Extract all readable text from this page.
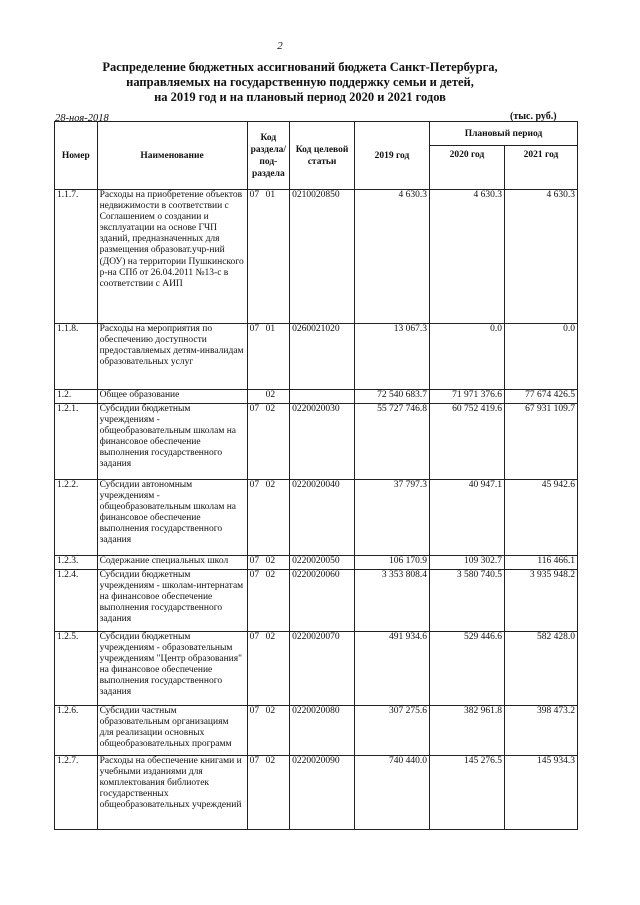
2
Распределение бюджетных ассигнований бюджета Санкт-Петербурга,
направляемых на государственную поддержку семьи и детей,
на 2019 год и на плановый период 2020 и 2021 годов
28-ноя-2018	(тыс. руб.)
Номер	Наименование	Код раздела/ под-раздела	Код целевой статьи	2019 год	Плановый период	
					2020 год	2021 год
1.1.7.	Расходы на приобретение объектов недвижимости в соответствии с Соглашением о создании и эксплуатации на основе ГЧП зданий, предназначенных для размещения образоват.учр-ний (ДОУ) на территории Пушкинского р-на СПб от 26.04.2011 №13-с в соответствии с АИП	07 01	0210020850	4 630.3	4 630.3	4 630.3
1.1.8.	Расходы на мероприятия по обеспечению доступности предоставляемых детям-инвалидам образовательных услуг	07 01	0260021020	13 067.3	0.0	0.0
1.2.	Общее образование	02		72 540 683.7	71 971 376.6	77 674 426.5
1.2.1.	Субсидии бюджетным учреждениям - общеобразовательным школам на финансовое обеспечение выполнения государственного задания	07 02	0220020030	55 727 746.8	60 752 419.6	67 931 109.7
1.2.2.	Субсидии автономным учреждениям - общеобразовательным школам на финансовое обеспечение выполнения государственного задания	07 02	0220020040	37 797.3	40 947.1	45 942.6
1.2.3.	Содержание специальных школ	07 02	0220020050	106 170.9	109 302.7	116 466.1
1.2.4.	Субсидии бюджетным учреждениям - школам-интернатам на финансовое обеспечение выполнения государственного задания	07 02	0220020060	3 353 808.4	3 580 740.5	3 935 948.2
1.2.5.	Субсидии бюджетным учреждениям - образовательным учреждениям "Центр образования" на финансовое обеспечение выполнения государственного задания	07 02	0220020070	491 934.6	529 446.6	582 428.0
1.2.6.	Субсидии частным образовательным организациям для реализации основных общеобразовательных программ	07 02	0220020080	307 275.6	382 961.8	398 473.2
1.2.7.	Расходы на обеспечение книгами и учебными изданиями для комплектования библиотек государственных общеобразовательных учреждений	07 02	0220020090	740 440.0	145 276.5	145 934.3
